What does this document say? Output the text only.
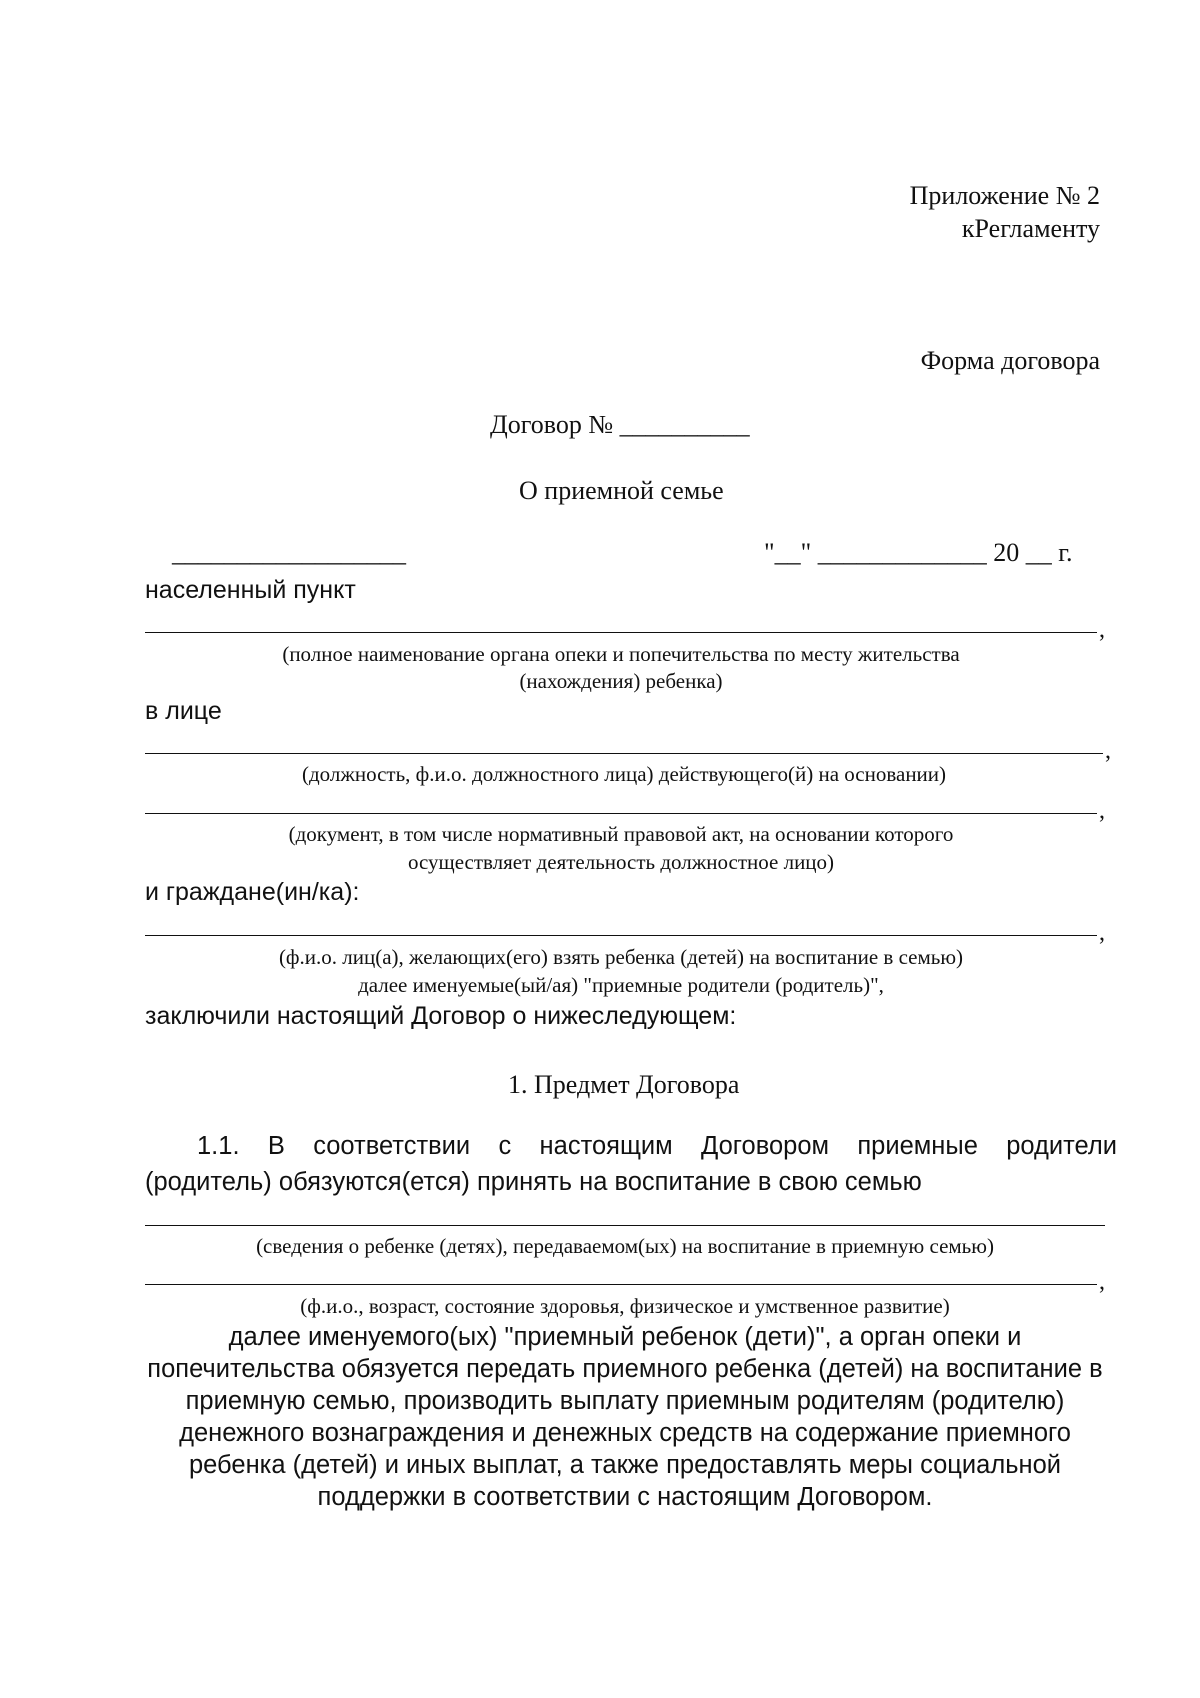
Приложение № 2
кРегламенту
Форма договора
Договор № __________
О приемной семье
__________________	"__" _____________ 20 __ г.
населенный пункт
,
(полное наименование органа опеки и попечительства по месту жительства
(нахождения) ребенка)
в лице
,
(должность, ф.и.о. должностного лица) действующего(й) на основании)
,
(документ, в том числе нормативный правовой акт, на основании которого
осуществляет деятельность должностное лицо)
и граждане(ин/ка):
,
(ф.и.о. лиц(а), желающих(его) взять ребенка (детей) на воспитание в семью)
далее именуемые(ый/ая) "приемные родители (родитель)",
заключили настоящий Договор о нижеследующем:
1. Предмет Договора
1.1. В соответствии с настоящим Договором приемные родители
(родитель) обязуются(ется) принять на воспитание в свою семью
(сведения о ребенке (детях), передаваемом(ых) на воспитание в приемную семью)
,
(ф.и.о., возраст, состояние здоровья, физическое и умственное развитие)
далее именуемого(ых) "приемный ребенок (дети)", а орган опеки и
попечительства обязуется передать приемного ребенка (детей) на воспитание в
приемную семью, производить выплату приемным родителям (родителю)
денежного вознаграждения и денежных средств на содержание приемного
ребенка (детей) и иных выплат, а также предоставлять меры социальной
поддержки в соответствии с настоящим Договором.
